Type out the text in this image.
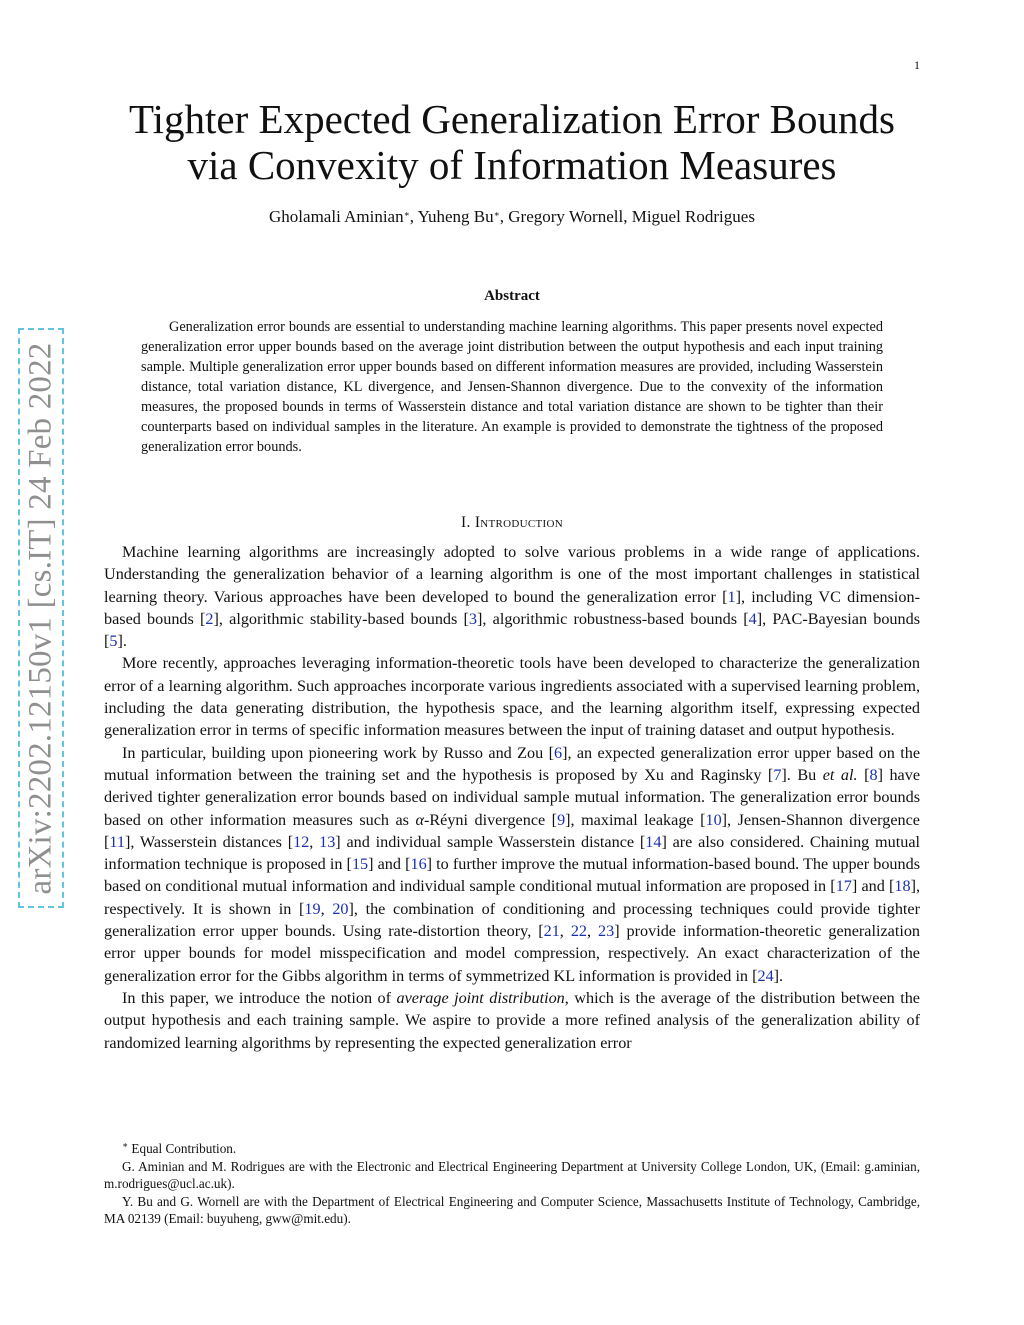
1
arXiv:2202.12150v1 [cs.IT] 24 Feb 2022
Tighter Expected Generalization Error Bounds
via Convexity of Information Measures
Gholamali Aminian∗, Yuheng Bu∗, Gregory Wornell, Miguel Rodrigues
Abstract

Generalization error bounds are essential to understanding machine learning algorithms. This paper presents novel expected generalization error upper bounds based on the average joint distribution between the output hypothesis and each input training sample. Multiple generalization error upper bounds based on different information measures are provided, including Wasserstein distance, total variation distance, KL divergence, and Jensen-Shannon divergence. Due to the convexity of the information measures, the proposed bounds in terms of Wasserstein distance and total variation distance are shown to be tighter than their counterparts based on individual samples in the literature. An example is provided to demonstrate the tightness of the proposed generalization error bounds.

I. Introduction

Machine learning algorithms are increasingly adopted to solve various problems in a wide range of applications. Understanding the generalization behavior of a learning algorithm is one of the most important challenges in statistical learning theory. Various approaches have been developed to bound the generalization error [1], including VC dimension-based bounds [2], algorithmic stability-based bounds [3], algorithmic robustness-based bounds [4], PAC-Bayesian bounds [5].

More recently, approaches leveraging information-theoretic tools have been developed to characterize the generalization error of a learning algorithm. Such approaches incorporate various ingredients associated with a supervised learning problem, including the data generating distribution, the hypothesis space, and the learning algorithm itself, expressing expected generalization error in terms of specific information measures between the input of training dataset and output hypothesis.

In particular, building upon pioneering work by Russo and Zou [6], an expected generalization error upper based on the mutual information between the training set and the hypothesis is proposed by Xu and Raginsky [7]. Bu et al. [8] have derived tighter generalization error bounds based on individual sample mutual information. The generalization error bounds based on other information measures such as α-Réyni divergence [9], maximal leakage [10], Jensen-Shannon divergence [11], Wasserstein distances [12, 13] and individual sample Wasserstein distance [14] are also considered. Chaining mutual information technique is proposed in [15] and [16] to further improve the mutual information-based bound. The upper bounds based on conditional mutual information and individual sample conditional mutual information are proposed in [17] and [18], respectively. It is shown in [19, 20], the combination of conditioning and processing techniques could provide tighter generalization error upper bounds. Using rate-distortion theory, [21, 22, 23] provide information-theoretic generalization error upper bounds for model misspecification and model compression, respectively. An exact characterization of the generalization error for the Gibbs algorithm in terms of symmetrized KL information is provided in [24].

In this paper, we introduce the notion of average joint distribution, which is the average of the distribution between the output hypothesis and each training sample. We aspire to provide a more refined analysis of the generalization ability of randomized learning algorithms by representing the expected generalization error

∗ Equal Contribution.

G. Aminian and M. Rodrigues are with the Electronic and Electrical Engineering Department at University College London, UK, (Email: g.aminian, m.rodrigues@ucl.ac.uk).

Y. Bu and G. Wornell are with the Department of Electrical Engineering and Computer Science, Massachusetts Institute of Technology, Cambridge, MA 02139 (Email: buyuheng, gww@mit.edu).
